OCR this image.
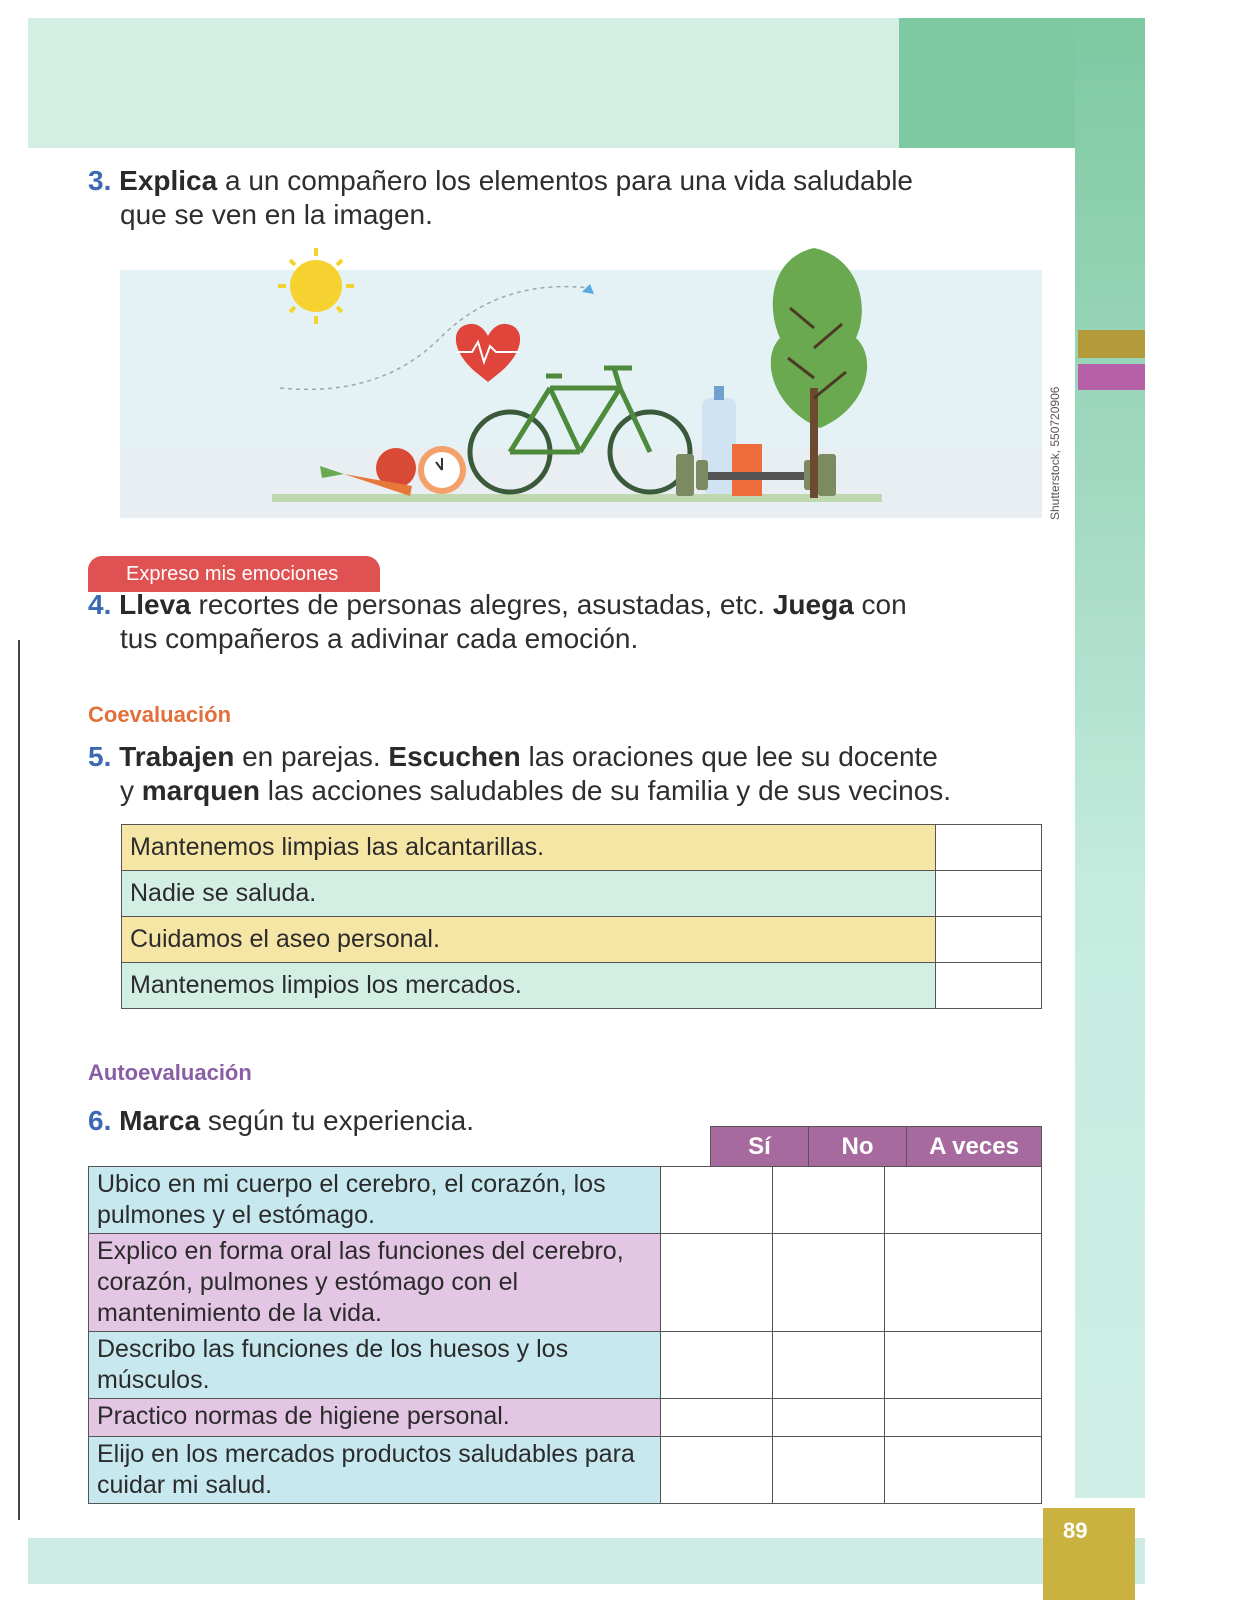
Shutterstock, 550720906
89
3. Explica a un compañero los elementos para una vida saludable
que se ven en la imagen.
Expreso mis emociones
4. Lleva recortes de personas alegres, asustadas, etc. Juega con
tus compañeros a adivinar cada emoción.
Coevaluación
5. Trabajen en parejas. Escuchen las oraciones que lee su docente
y marquen las acciones saludables de su familia y de sus vecinos.
Mantenemos limpias las alcantarillas.	
Nadie se saluda.	
Cuidamos el aseo personal.	
Mantenemos limpios los mercados.	
Autoevaluación
6. Marca según tu experiencia.
Sí	No	A veces
Ubico en mi cuerpo el cerebro, el corazón, los pulmones y el estómago.			
Explico en forma oral las funciones del cerebro, corazón, pulmones y estómago con el mantenimiento de la vida.			
Describo las funciones de los huesos y los músculos.			
Practico normas de higiene personal.			
Elijo en los mercados productos saludables para cuidar mi salud.			
